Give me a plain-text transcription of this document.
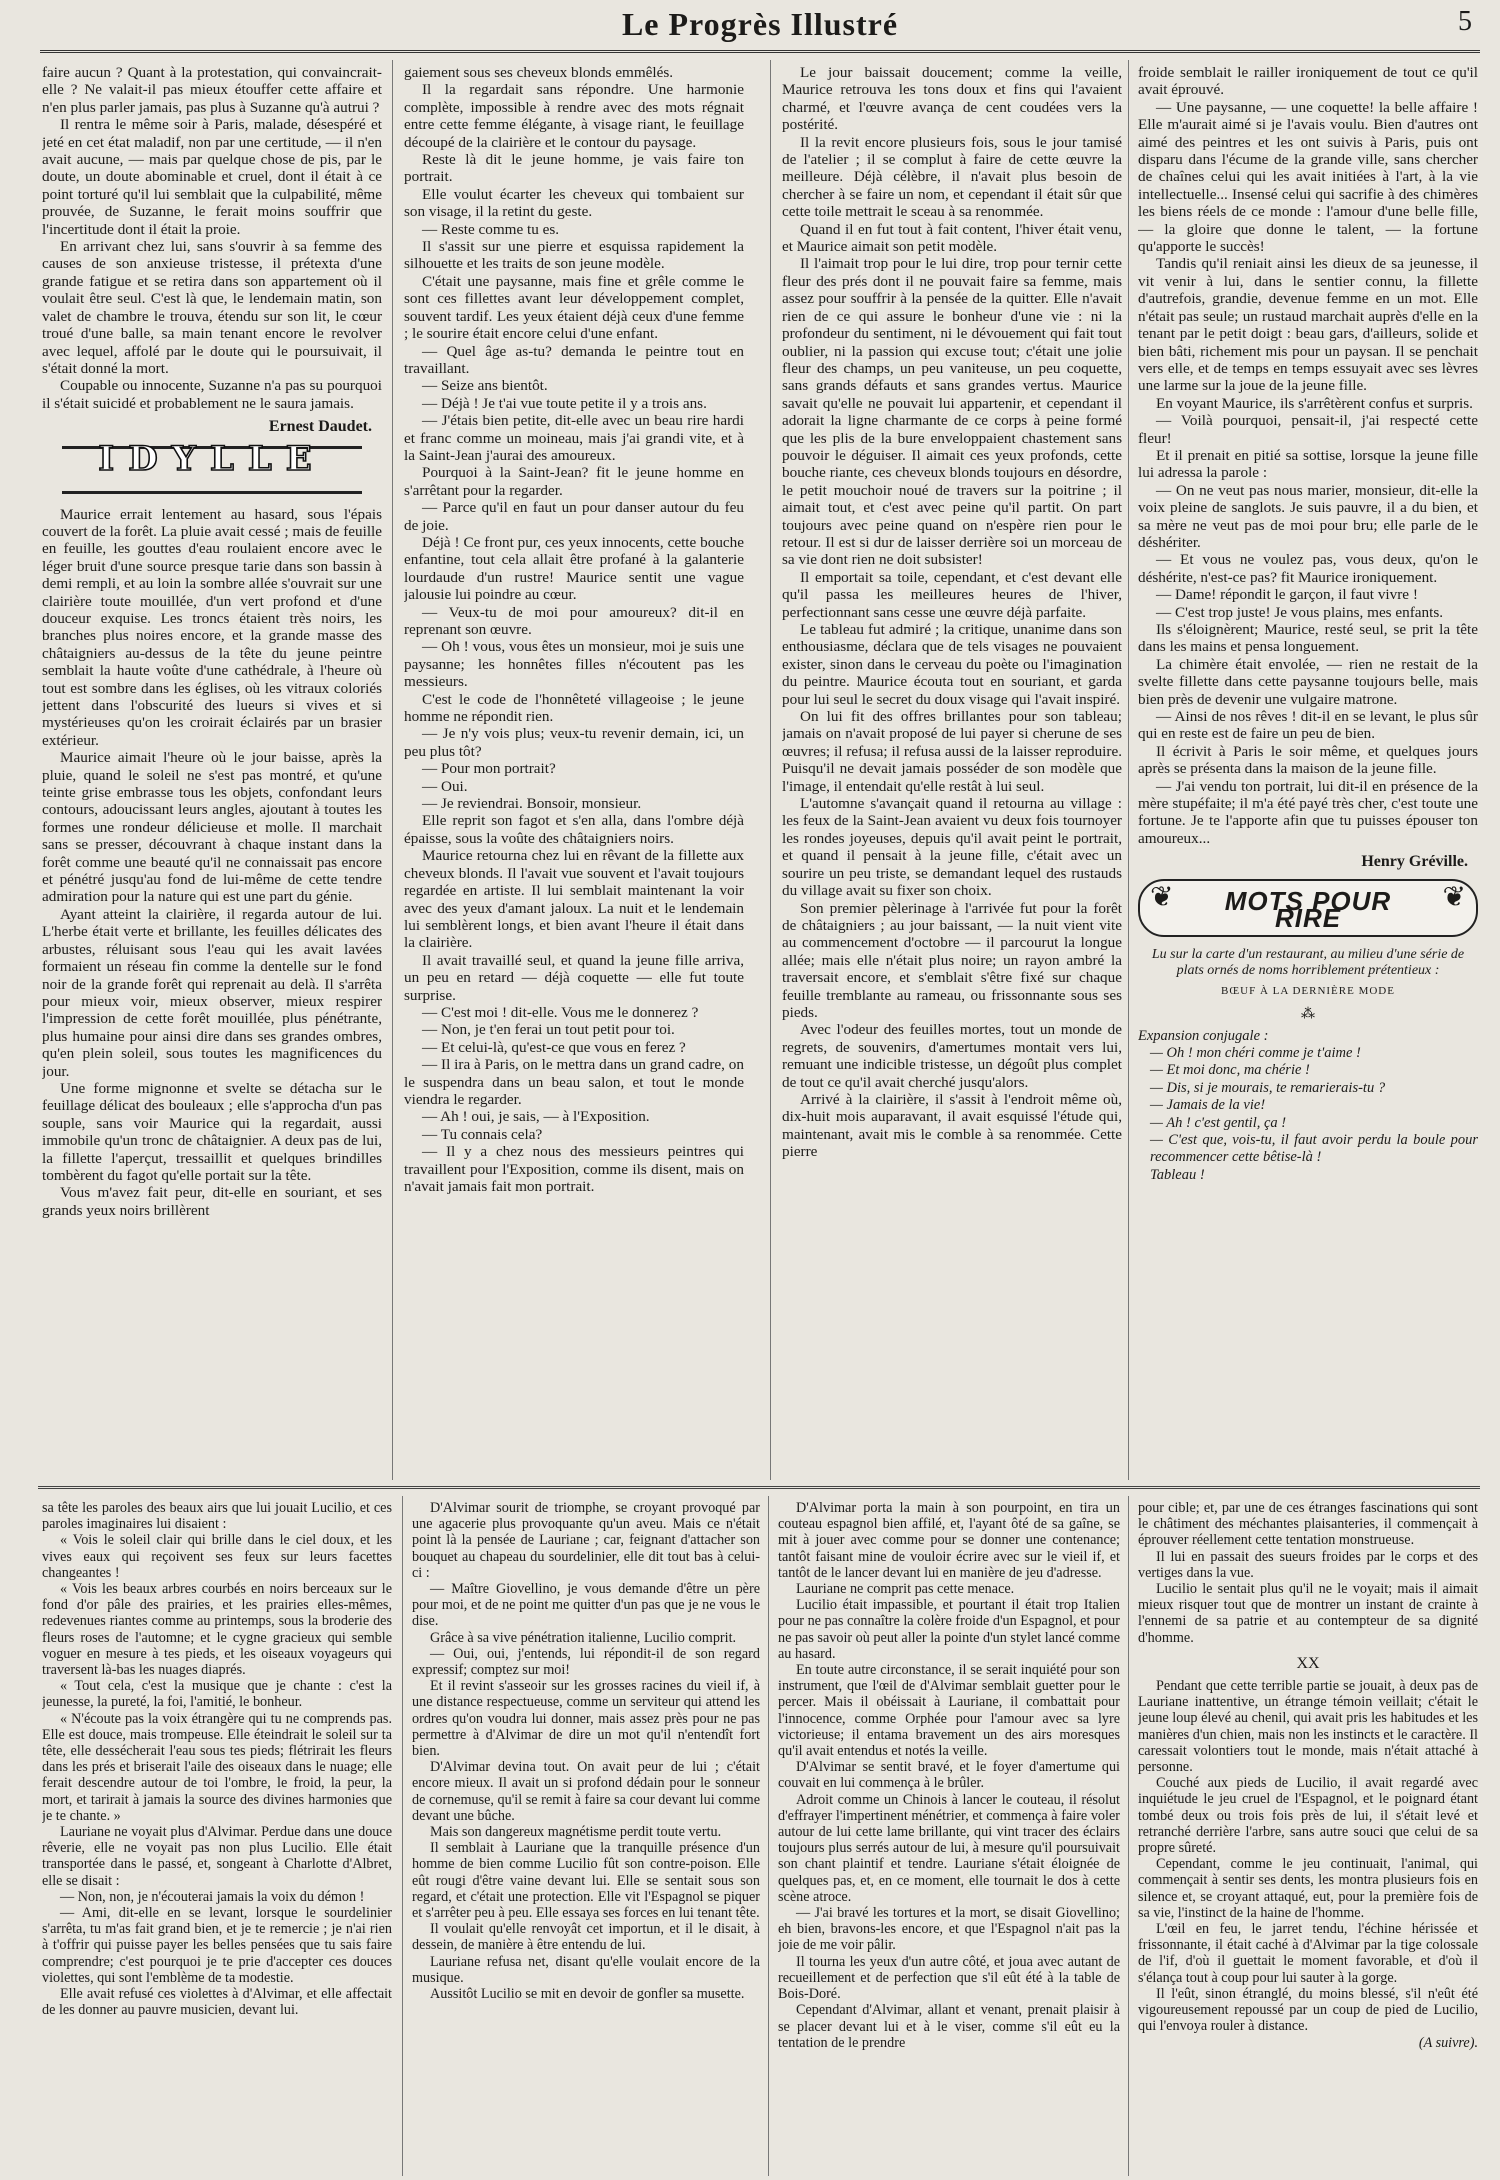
Le Progrès Illustré	5

faire aucun ? Quant à la protestation, qui convaincrait-elle ? Ne valait-il pas mieux étouffer cette affaire et n'en plus parler jamais, pas plus à Suzanne qu'à autrui ?

Il rentra le même soir à Paris, malade, désespéré et jeté en cet état maladif, non par une certitude, — il n'en avait aucune, — mais par quelque chose de pis, par le doute, un doute abominable et cruel, dont il était à ce point torturé qu'il lui semblait que la culpabilité, même prouvée, de Suzanne, le ferait moins souffrir que l'incertitude dont il était la proie.

En arrivant chez lui, sans s'ouvrir à sa femme des causes de son anxieuse tristesse, il prétexta d'une grande fatigue et se retira dans son appartement où il voulait être seul. C'est là que, le lendemain matin, son valet de chambre le trouva, étendu sur son lit, le cœur troué d'une balle, sa main tenant encore le revolver avec lequel, affolé par le doute qui le poursuivait, il s'était donné la mort.

Coupable ou innocente, Suzanne n'a pas su pourquoi il s'était suicidé et probablement ne le saura jamais.

Ernest Daudet.
IDYLLE

Maurice errait lentement au hasard, sous l'épais couvert de la forêt. La pluie avait cessé ; mais de feuille en feuille, les gouttes d'eau roulaient encore avec le léger bruit d'une source presque tarie dans son bassin à demi rempli, et au loin la sombre allée s'ouvrait sur une clairière toute mouillée, d'un vert profond et d'une douceur exquise. Les troncs étaient très noirs, les branches plus noires encore, et la grande masse des châtaigniers au-dessus de la tête du jeune peintre semblait la haute voûte d'une cathédrale, à l'heure où tout est sombre dans les églises, où les vitraux coloriés jettent dans l'obscurité des lueurs si vives et si mystérieuses qu'on les croirait éclairés par un brasier extérieur.

Maurice aimait l'heure où le jour baisse, après la pluie, quand le soleil ne s'est pas montré, et qu'une teinte grise embrasse tous les objets, confondant leurs contours, adoucissant leurs angles, ajoutant à toutes les formes une rondeur délicieuse et molle. Il marchait sans se presser, découvrant à chaque instant dans la forêt comme une beauté qu'il ne connaissait pas encore et pénétré jusqu'au fond de lui-même de cette tendre admiration pour la nature qui est une part du génie.

Ayant atteint la clairière, il regarda autour de lui. L'herbe était verte et brillante, les feuilles délicates des arbustes, réluisant sous l'eau qui les avait lavées formaient un réseau fin comme la dentelle sur le fond noir de la grande forêt qui reprenait au delà. Il s'arrêta pour mieux voir, mieux observer, mieux respirer l'impression de cette forêt mouillée, plus pénétrante, plus humaine pour ainsi dire dans ses grandes ombres, qu'en plein soleil, sous toutes les magnificences du jour.

Une forme mignonne et svelte se détacha sur le feuillage délicat des bouleaux ; elle s'approcha d'un pas souple, sans voir Maurice qui la regardait, aussi immobile qu'un tronc de châtaignier. A deux pas de lui, la fillette l'aperçut, tressaillit et quelques brindilles tombèrent du fagot qu'elle portait sur la tête.

Vous m'avez fait peur, dit-elle en souriant, et ses grands yeux noirs brillèrent

gaiement sous ses cheveux blonds emmêlés.

Il la regardait sans répondre. Une harmonie complète, impossible à rendre avec des mots régnait entre cette femme élégante, à visage riant, le feuillage découpé de la clairière et le contour du paysage.

Reste là dit le jeune homme, je vais faire ton portrait.

Elle voulut écarter les cheveux qui tombaient sur son visage, il la retint du geste.

— Reste comme tu es.

Il s'assit sur une pierre et esquissa rapidement la silhouette et les traits de son jeune modèle.

C'était une paysanne, mais fine et grêle comme le sont ces fillettes avant leur développement complet, souvent tardif. Les yeux étaient déjà ceux d'une femme ; le sourire était encore celui d'une enfant.

— Quel âge as-tu? demanda le peintre tout en travaillant.

— Seize ans bientôt.

— Déjà ! Je t'ai vue toute petite il y a trois ans.

— J'étais bien petite, dit-elle avec un beau rire hardi et franc comme un moineau, mais j'ai grandi vite, et à la Saint-Jean j'aurai des amoureux.

Pourquoi à la Saint-Jean? fit le jeune homme en s'arrêtant pour la regarder.

— Parce qu'il en faut un pour danser autour du feu de joie.

Déjà ! Ce front pur, ces yeux innocents, cette bouche enfantine, tout cela allait être profané à la galanterie lourdaude d'un rustre! Maurice sentit une vague jalousie lui poindre au cœur.

— Veux-tu de moi pour amoureux? dit-il en reprenant son œuvre.

— Oh ! vous, vous êtes un monsieur, moi je suis une paysanne; les honnêtes filles n'écoutent pas les messieurs.

C'est le code de l'honnêteté villageoise ; le jeune homme ne répondit rien.

— Je n'y vois plus; veux-tu revenir demain, ici, un peu plus tôt?

— Pour mon portrait?

— Oui.

— Je reviendrai. Bonsoir, monsieur.

Elle reprit son fagot et s'en alla, dans l'ombre déjà épaisse, sous la voûte des châtaigniers noirs.

Maurice retourna chez lui en rêvant de la fillette aux cheveux blonds. Il l'avait vue souvent et l'avait toujours regardée en artiste. Il lui semblait maintenant la voir avec des yeux d'amant jaloux. La nuit et le lendemain lui semblèrent longs, et bien avant l'heure il était dans la clairière.

Il avait travaillé seul, et quand la jeune fille arriva, un peu en retard — déjà coquette — elle fut toute surprise.

— C'est moi ! dit-elle. Vous me le donnerez ?

— Non, je t'en ferai un tout petit pour toi.

— Et celui-là, qu'est-ce que vous en ferez ?

— Il ira à Paris, on le mettra dans un grand cadre, on le suspendra dans un beau salon, et tout le monde viendra le regarder.

— Ah ! oui, je sais, — à l'Exposition.

— Tu connais cela?

— Il y a chez nous des messieurs peintres qui travaillent pour l'Exposition, comme ils disent, mais on n'avait jamais fait mon portrait.

Le jour baissait doucement; comme la veille, Maurice retrouva les tons doux et fins qui l'avaient charmé, et l'œuvre avança de cent coudées vers la postérité.

Il la revit encore plusieurs fois, sous le jour tamisé de l'atelier ; il se complut à faire de cette œuvre la meilleure. Déjà célèbre, il n'avait plus besoin de chercher à se faire un nom, et cependant il était sûr que cette toile mettrait le sceau à sa renommée.

Quand il en fut tout à fait content, l'hiver était venu, et Maurice aimait son petit modèle.

Il l'aimait trop pour le lui dire, trop pour ternir cette fleur des prés dont il ne pouvait faire sa femme, mais assez pour souffrir à la pensée de la quitter. Elle n'avait rien de ce qui assure le bonheur d'une vie : ni la profondeur du sentiment, ni le dévouement qui fait tout oublier, ni la passion qui excuse tout; c'était une jolie fleur des champs, un peu vaniteuse, un peu coquette, sans grands défauts et sans grandes vertus. Maurice savait qu'elle ne pouvait lui appartenir, et cependant il adorait la ligne charmante de ce corps à peine formé que les plis de la bure enveloppaient chastement sans pouvoir le déguiser. Il aimait ces yeux profonds, cette bouche riante, ces cheveux blonds toujours en désordre, le petit mouchoir noué de travers sur la poitrine ; il aimait tout, et c'est avec peine qu'il partit. On part toujours avec peine quand on n'espère rien pour le retour. Il est si dur de laisser derrière soi un morceau de sa vie dont rien ne doit subsister!

Il emportait sa toile, cependant, et c'est devant elle qu'il passa les meilleures heures de l'hiver, perfectionnant sans cesse une œuvre déjà parfaite.

Le tableau fut admiré ; la critique, unanime dans son enthousiasme, déclara que de tels visages ne pouvaient exister, sinon dans le cerveau du poète ou l'imagination du peintre. Maurice écouta tout en souriant, et garda pour lui seul le secret du doux visage qui l'avait inspiré.

On lui fit des offres brillantes pour son tableau; jamais on n'avait proposé de lui payer si cherune de ses œuvres; il refusa; il refusa aussi de la laisser reproduire. Puisqu'il ne devait jamais posséder de son modèle que l'image, il entendait qu'elle restât à lui seul.

L'automne s'avançait quand il retourna au village : les feux de la Saint-Jean avaient vu deux fois tournoyer les rondes joyeuses, depuis qu'il avait peint le portrait, et quand il pensait à la jeune fille, c'était avec un sourire un peu triste, se demandant lequel des rustauds du village avait su fixer son choix.

Son premier pèlerinage à l'arrivée fut pour la forêt de châtaigniers ; au jour baissant, — la nuit vient vite au commencement d'octobre — il parcourut la longue allée; mais elle n'était plus noire; un rayon ambré la traversait encore, et s'emblait s'être fixé sur chaque feuille tremblante au rameau, ou frissonnante sous ses pieds.

Avec l'odeur des feuilles mortes, tout un monde de regrets, de souvenirs, d'amertumes montait vers lui, remuant une indicible tristesse, un dégoût plus complet de tout ce qu'il avait cherché jusqu'alors.

Arrivé à la clairière, il s'assit à l'endroit même où, dix-huit mois auparavant, il avait esquissé l'étude qui, maintenant, avait mis le comble à sa renommée. Cette pierre

froide semblait le railler ironiquement de tout ce qu'il avait éprouvé.

— Une paysanne, — une coquette! la belle affaire ! Elle m'aurait aimé si je l'avais voulu. Bien d'autres ont aimé des peintres et les ont suivis à Paris, puis ont disparu dans l'écume de la grande ville, sans chercher de chaînes celui qui les avait initiées à l'art, à la vie intellectuelle... Insensé celui qui sacrifie à des chimères les biens réels de ce monde : l'amour d'une belle fille, — la gloire que donne le talent, — la fortune qu'apporte le succès!

Tandis qu'il reniait ainsi les dieux de sa jeunesse, il vit venir à lui, dans le sentier connu, la fillette d'autrefois, grandie, devenue femme en un mot. Elle n'était pas seule; un rustaud marchait auprès d'elle en la tenant par le petit doigt : beau gars, d'ailleurs, solide et bien bâti, richement mis pour un paysan. Il se penchait vers elle, et de temps en temps essuyait avec ses lèvres une larme sur la joue de la jeune fille.

En voyant Maurice, ils s'arrêtèrent confus et surpris.

— Voilà pourquoi, pensait-il, j'ai respecté cette fleur!

Et il prenait en pitié sa sottise, lorsque la jeune fille lui adressa la parole :

— On ne veut pas nous marier, monsieur, dit-elle la voix pleine de sanglots. Je suis pauvre, il a du bien, et sa mère ne veut pas de moi pour bru; elle parle de le déshériter.

— Et vous ne voulez pas, vous deux, qu'on le déshérite, n'est-ce pas? fit Maurice ironiquement.

— Dame! répondit le garçon, il faut vivre !

— C'est trop juste! Je vous plains, mes enfants.

Ils s'éloignèrent; Maurice, resté seul, se prit la tête dans les mains et pensa longuement.

La chimère était envolée, — rien ne restait de la svelte fillette dans cette paysanne toujours belle, mais bien près de devenir une vulgaire matrone.

— Ainsi de nos rêves ! dit-il en se levant, le plus sûr qui en reste est de faire un peu de bien.

Il écrivit à Paris le soir même, et quelques jours après se présenta dans la maison de la jeune fille.

— J'ai vendu ton portrait, lui dit-il en présence de la mère stupéfaite; il m'a été payé très cher, c'est toute une fortune. Je te l'apporte afin que tu puisses épouser ton amoureux...

Henry Gréville.
❦	MOTS POUR RIRE
❦
Lu sur la carte d'un restaurant, au milieu d'une série de plats ornés de noms horriblement prétentieux :
BŒUF À LA DERNIÈRE MODE
⁂

Expansion conjugale :

— Oh ! mon chéri comme je t'aime !

— Et moi donc, ma chérie !

— Dis, si je mourais, te remarierais-tu ?

— Jamais de la vie!

— Ah ! c'est gentil, ça !

— C'est que, vois-tu, il faut avoir perdu la boule pour recommencer cette bêtise-là !

Tableau !

sa tête les paroles des beaux airs que lui jouait Lucilio, et ces paroles imaginaires lui disaient :

« Vois le soleil clair qui brille dans le ciel doux, et les vives eaux qui reçoivent ses feux sur leurs facettes changeantes !

« Vois les beaux arbres courbés en noirs berceaux sur le fond d'or pâle des prairies, et les prairies elles-mêmes, redevenues riantes comme au printemps, sous la broderie des fleurs roses de l'automne; et le cygne gracieux qui semble voguer en mesure à tes pieds, et les oiseaux voyageurs qui traversent là-bas les nuages diaprés.

« Tout cela, c'est la musique que je chante : c'est la jeunesse, la pureté, la foi, l'amitié, le bonheur.

« N'écoute pas la voix étrangère qui tu ne comprends pas. Elle est douce, mais trompeuse. Elle éteindrait le soleil sur ta tête, elle dessécherait l'eau sous tes pieds; flétrirait les fleurs dans les prés et briserait l'aile des oiseaux dans le nuage; elle ferait descendre autour de toi l'ombre, le froid, la peur, la mort, et tarirait à jamais la source des divines harmonies que je te chante. »

Lauriane ne voyait plus d'Alvimar. Perdue dans une douce rêverie, elle ne voyait pas non plus Lucilio. Elle était transportée dans le passé, et, songeant à Charlotte d'Albret, elle se disait :

— Non, non, je n'écouterai jamais la voix du démon !

— Ami, dit-elle en se levant, lorsque le sourdelinier s'arrêta, tu m'as fait grand bien, et je te remercie ; je n'ai rien à t'offrir qui puisse payer les belles pensées que tu sais faire comprendre; c'est pourquoi je te prie d'accepter ces douces violettes, qui sont l'emblème de ta modestie.

Elle avait refusé ces violettes à d'Alvimar, et elle affectait de les donner au pauvre musicien, devant lui.

D'Alvimar sourit de triomphe, se croyant provoqué par une agacerie plus provoquante qu'un aveu. Mais ce n'était point là la pensée de Lauriane ; car, feignant d'attacher son bouquet au chapeau du sourdelinier, elle dit tout bas à celui-ci :

— Maître Giovellino, je vous demande d'être un père pour moi, et de ne point me quitter d'un pas que je ne vous le dise.

Grâce à sa vive pénétration italienne, Lucilio comprit.

— Oui, oui, j'entends, lui répondit-il de son regard expressif; comptez sur moi!

Et il revint s'asseoir sur les grosses racines du vieil if, à une distance respectueuse, comme un serviteur qui attend les ordres qu'on voudra lui donner, mais assez près pour ne pas permettre à d'Alvimar de dire un mot qu'il n'entendît fort bien.

D'Alvimar devina tout. On avait peur de lui ; c'était encore mieux. Il avait un si profond dédain pour le sonneur de cornemuse, qu'il se remit à faire sa cour devant lui comme devant une bûche.

Mais son dangereux magnétisme perdit toute vertu.

Il semblait à Lauriane que la tranquille présence d'un homme de bien comme Lucilio fût son contre-poison. Elle eût rougi d'être vaine devant lui. Elle se sentait sous son regard, et c'était une protection. Elle vit l'Espagnol se piquer et s'arrêter peu à peu. Elle essaya ses forces en lui tenant tête.

Il voulait qu'elle renvoyât cet importun, et il le disait, à dessein, de manière à être entendu de lui.

Lauriane refusa net, disant qu'elle voulait encore de la musique.

Aussitôt Lucilio se mit en devoir de gonfler sa musette.

D'Alvimar porta la main à son pourpoint, en tira un couteau espagnol bien affilé, et, l'ayant ôté de sa gaîne, se mit à jouer avec comme pour se donner une contenance; tantôt faisant mine de vouloir écrire avec sur le vieil if, et tantôt de le lancer devant lui en manière de jeu d'adresse.

Lauriane ne comprit pas cette menace.

Lucilio était impassible, et pourtant il était trop Italien pour ne pas connaître la colère froide d'un Espagnol, et pour ne pas savoir où peut aller la pointe d'un stylet lancé comme au hasard.

En toute autre circonstance, il se serait inquiété pour son instrument, que l'œil de d'Alvimar semblait guetter pour le percer. Mais il obéissait à Lauriane, il combattait pour l'innocence, comme Orphée pour l'amour avec sa lyre victorieuse; il entama bravement un des airs moresques qu'il avait entendus et notés la veille.

D'Alvimar se sentit bravé, et le foyer d'amertume qui couvait en lui commença à le brûler.

Adroit comme un Chinois à lancer le couteau, il résolut d'effrayer l'impertinent ménétrier, et commença à faire voler autour de lui cette lame brillante, qui vint tracer des éclairs toujours plus serrés autour de lui, à mesure qu'il poursuivait son chant plaintif et tendre. Lauriane s'était éloignée de quelques pas, et, en ce moment, elle tournait le dos à cette scène atroce.

— J'ai bravé les tortures et la mort, se disait Giovellino; eh bien, bravons-les encore, et que l'Espagnol n'ait pas la joie de me voir pâlir.

Il tourna les yeux d'un autre côté, et joua avec autant de recueillement et de perfection que s'il eût été à la table de Bois-Doré.

Cependant d'Alvimar, allant et venant, prenait plaisir à se placer devant lui et à le viser, comme s'il eût eu la tentation de le prendre

pour cible; et, par une de ces étranges fascinations qui sont le châtiment des méchantes plaisanteries, il commençait à éprouver réellement cette tentation monstrueuse.

Il lui en passait des sueurs froides par le corps et des vertiges dans la vue.

Lucilio le sentait plus qu'il ne le voyait; mais il aimait mieux risquer tout que de montrer un instant de crainte à l'ennemi de sa patrie et au contempteur de sa dignité d'homme.

XX

Pendant que cette terrible partie se jouait, à deux pas de Lauriane inattentive, un étrange témoin veillait; c'était le jeune loup élevé au chenil, qui avait pris les habitudes et les manières d'un chien, mais non les instincts et le caractère. Il caressait volontiers tout le monde, mais n'était attaché à personne.

Couché aux pieds de Lucilio, il avait regardé avec inquiétude le jeu cruel de l'Espagnol, et le poignard étant tombé deux ou trois fois près de lui, il s'était levé et retranché derrière l'arbre, sans autre souci que celui de sa propre sûreté.

Cependant, comme le jeu continuait, l'animal, qui commençait à sentir ses dents, les montra plusieurs fois en silence et, se croyant attaqué, eut, pour la première fois de sa vie, l'instinct de la haine de l'homme.

L'œil en feu, le jarret tendu, l'échine hérissée et frissonnante, il était caché à d'Alvimar par la tige colossale de l'if, d'où il guettait le moment favorable, et d'où il s'élança tout à coup pour lui sauter à la gorge.

Il l'eût, sinon étranglé, du moins blessé, s'il n'eût été vigoureusement repoussé par un coup de pied de Lucilio, qui l'envoya rouler à distance.

(A suivre).
